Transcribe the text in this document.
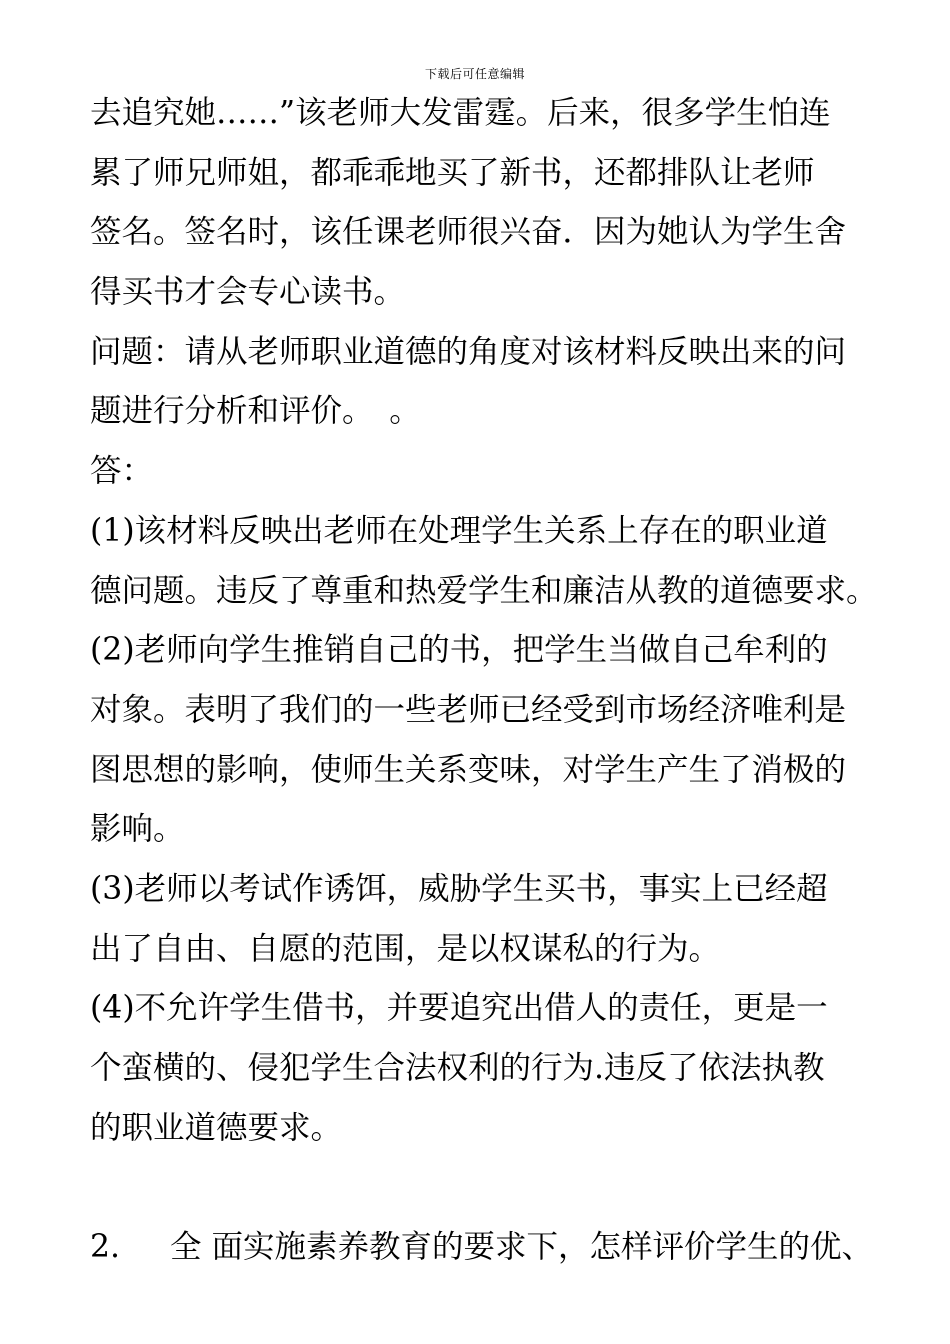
下载后可任意编辑
去追究她……”该老师大发雷霆。后来，很多学生怕连
累了师兄师姐，都乖乖地买了新书，还都排队让老师
签名。签名时，该任课老师很兴奋．因为她认为学生舍
得买书才会专心读书。
问题：请从老师职业道德的角度对该材料反映出来的问
题进行分析和评价。　。
答：
(1)该材料反映出老师在处理学生关系上存在的职业道
德问题。违反了尊重和热爱学生和廉洁从教的道德要求。
(2)老师向学生推销自己的书，把学生当做自己牟利的
对象。表明了我们的一些老师已经受到市场经济唯利是
图思想的影响，使师生关系变味，对学生产生了消极的
影响。
(3)老师以考试作诱饵，威胁学生买书，事实上已经超
出了自由、自愿的范围，是以权谋私的行为。
(4)不允许学生借书，并要追究出借人的责任，更是一
个蛮横的、侵犯学生合法权利的行为.违反了依法执教
的职业道德要求。
2.	全 面实施素养教育的要求下，怎样评价学生的优、
